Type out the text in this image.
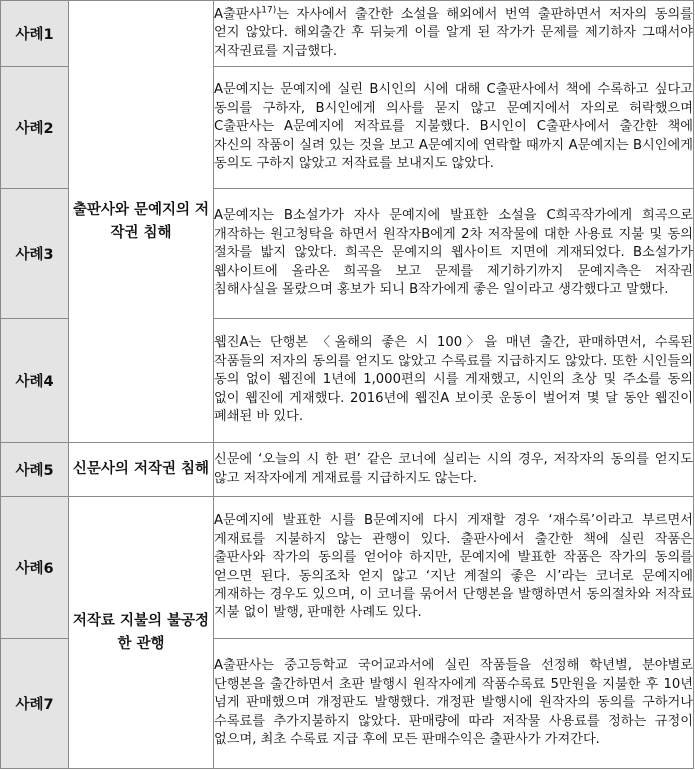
사례1	출판사와 문예지의 저작권 침해	A출판사$^{17)}$는 자사에서 출간한 소설을 해외에서 번역 출판하면서 저자의 동의를 얻지 않았다. 해외출간 후 뒤늦게 이를 알게 된 작가가 문제를 제기하자 그때서야 저작권료를 지급했다.
사례2		A문예지는 문예지에 실린 B시인의 시에 대해 C출판사에서 책에 수록하고 싶다고 동의를 구하자, B시인에게 의사를 묻지 않고 문예지에서 자의로 허락했으며 C출판사는 A문예지에 저작료를 지불했다. B시인이 C출판사에서 출간한 책에 자신의 작품이 실려 있는 것을 보고 A문예지에 연락할 때까지 A문예지는 B시인에게 동의도 구하지 않았고 저작료를 보내지도 않았다.
사례3		A문예지는 B소설가가 자사 문예지에 발표한 소설을 C희곡작가에게 희곡으로 개작하는 원고청탁을 하면서 원작자B에게 2차 저작물에 대한 사용료 지불 및 동의 절차를 밟지 않았다. 희곡은 문예지의 웹사이트 지면에 게재되었다. B소설가가 웹사이트에 올라온 희곡을 보고 문제를 제기하기까지 문예지측은 저작권 침해사실을 몰랐으며 홍보가 되니 B작가에게 좋은 일이라고 생각했다고 말했다.
사례4		웹진A는 단행본 〈올해의 좋은 시 100〉을 매년 출간, 판매하면서, 수록된 작품들의 저자의 동의를 얻지도 않았고 수록료를 지급하지도 않았다. 또한 시인들의 동의 없이 웹진에 1년에 1,000편의 시를 게재했고, 시인의 초상 및 주소를 동의 없이 웹진에 게재했다. 2016년에 웹진A 보이콧 운동이 벌어져 몇 달 동안 웹진이 폐쇄된 바 있다.
사례5	신문사의 저작권 침해	신문에 ‘오늘의 시 한 편’ 같은 코너에 실리는 시의 경우, 저작자의 동의를 얻지도 않고 저작자에게 게재료를 지급하지도 않는다.
사례6	저작료 지불의 불공정한 관행	A문예지에 발표한 시를 B문예지에 다시 게재할 경우 ‘재수록’이라고 부르면서 게재료를 지불하지 않는 관행이 있다. 출판사에서 출간한 책에 실린 작품은 출판사와 작가의 동의를 얻어야 하지만, 문예지에 발표한 작품은 작가의 동의를 얻으면 된다. 동의조차 얻지 않고 ‘지난 계절의 좋은 시’라는 코너로 문예지에 게재하는 경우도 있으며, 이 코너를 묶어서 단행본을 발행하면서 동의절차와 저작료 지불 없이 발행, 판매한 사례도 있다.
사례7		A출판사는 중고등학교 국어교과서에 실린 작품들을 선정해 학년별, 분야별로 단행본을 출간하면서 초판 발행시 원작자에게 작품수록료 5만원을 지불한 후 10년 넘게 판매했으며 개정판도 발행했다. 개정판 발행시에 원작자의 동의를 구하거나 수록료를 추가지불하지 않았다. 판매량에 따라 저작물 사용료를 정하는 규정이 없으며, 최초 수록료 지급 후에 모든 판매수익은 출판사가 가져간다.
